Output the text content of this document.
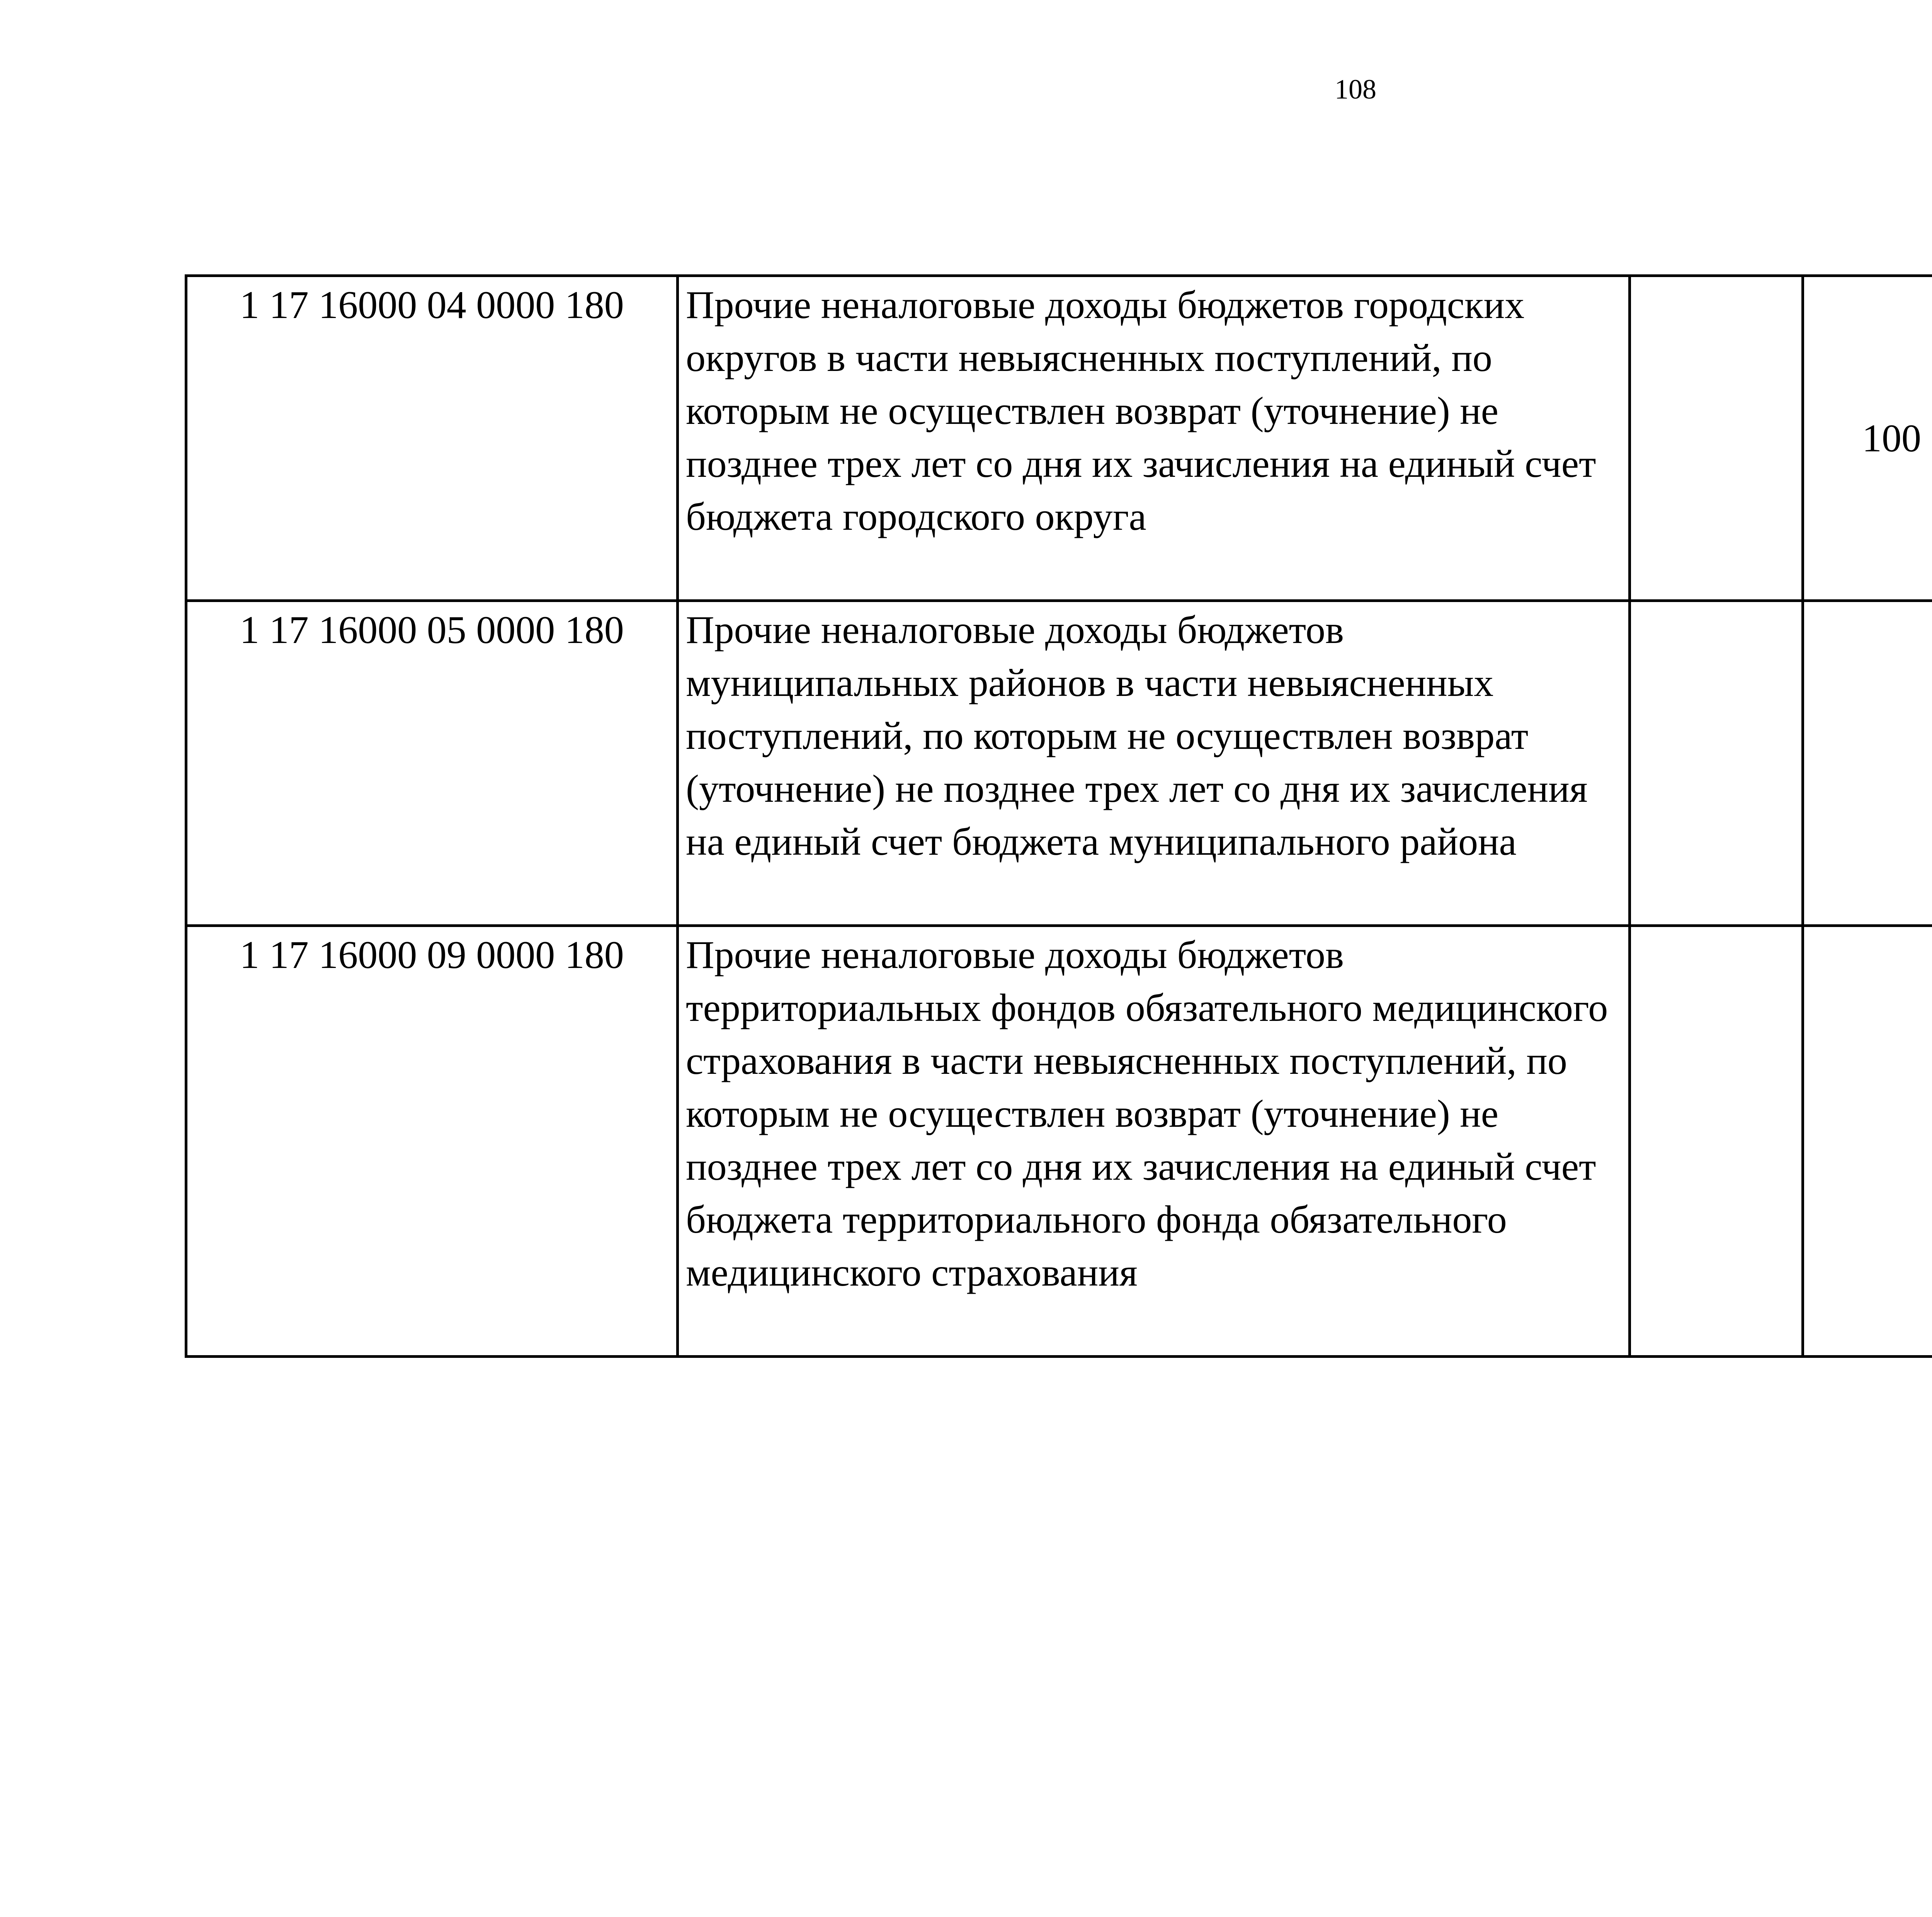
108
1 17 16000 04 0000 180	Прочие неналоговые доходы бюджетов городских округов в части невыясненных поступлений, по которым не осуществлен возврат (уточнение) не позднее трех лет со дня их зачисления на единый счет бюджета городского округа		100			
1 17 16000 05 0000 180	Прочие неналоговые доходы бюджетов муниципальных районов в части невыясненных поступлений, по которым не осуществлен возврат (уточнение) не позднее трех лет со дня их зачисления на единый счет бюджета муниципального района					
1 17 16000 09 0000 180	Прочие неналоговые доходы бюджетов территориальных фондов обязательного медицинского страхования в части невыясненных поступлений, по которым не осуществлен возврат (уточнение) не позднее трех лет со дня их зачисления на единый счет бюджета территориального фонда обязательного медицинского страхования					
